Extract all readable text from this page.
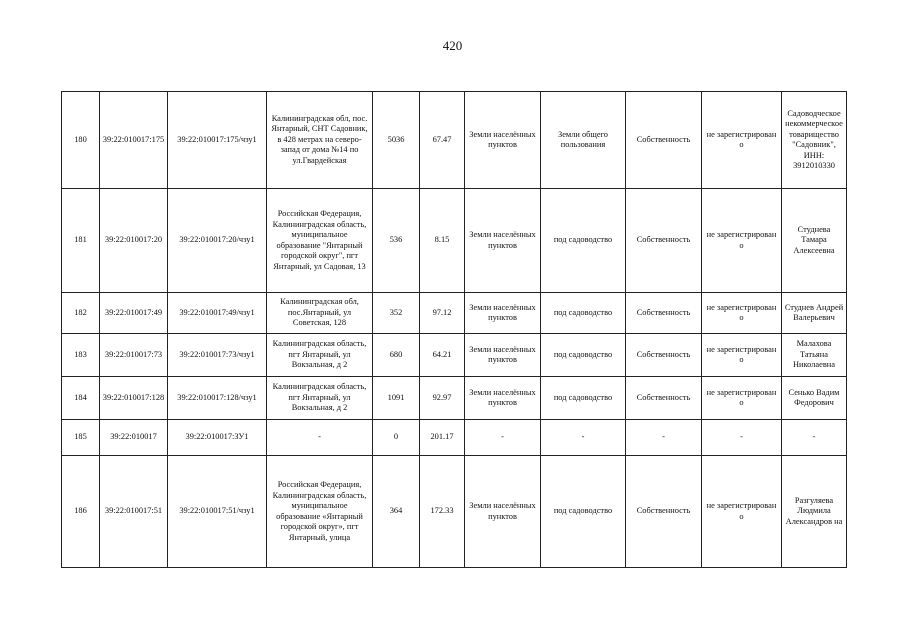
420
180	39:22:010017:175	39:22:010017:175/чзу1	Калининградская обл, пос. Янтарный, СНТ Садовник, в 428 метрах на северо-запад от дома №14 по ул.Гвардейская	5036	67.47	Земли населённых пунктов	Земли общего пользования	Собственность	не зарегистрирован о	Садоводческое некоммерческое товарищество "Садовник", ИНН: 3912010330
181	39:22:010017:20	39:22:010017:20/чзу1	Российская Федерация, Калининградская область, муниципальное образование "Янтарный городской округ", пгт Янтарный, ул Садовая, 13	536	8.15	Земли населённых пунктов	под садоводство	Собственность	не зарегистрирован о	Студнева Тамара Алексеевна
182	39:22:010017:49	39:22:010017:49/чзу1	Калининградская обл, пос.Янтарный, ул Советская, 128	352	97.12	Земли населённых пунктов	под садоводство	Собственность	не зарегистрирован о	Студнев Андрей Валерьевич
183	39:22:010017:73	39:22:010017:73/чзу1	Калининградская область, пгт Янтарный, ул Вокзальная, д 2	680	64.21	Земли населённых пунктов	под садоводство	Собственность	не зарегистрирован о	Малахова Татьяна Николаевна
184	39:22:010017:128	39:22:010017:128/чзу1	Калининградская область, пгт Янтарный, ул Вокзальная, д 2	1091	92.97	Земли населённых пунктов	под садоводство	Собственность	не зарегистрирован о	Сенько Вадим Федорович
185	39:22:010017	39:22:010017:ЗУ1	-	0	201.17	-	-	-	-	-
186	39:22:010017:51	39:22:010017:51/чзу1	Российская Федерация, Калининградская область, муниципальное образование «Янтарный городской округ», пгт Янтарный, улица	364	172.33	Земли населённых пунктов	под садоводство	Собственность	не зарегистрирован о	Разгуляева Людмила Александров на
